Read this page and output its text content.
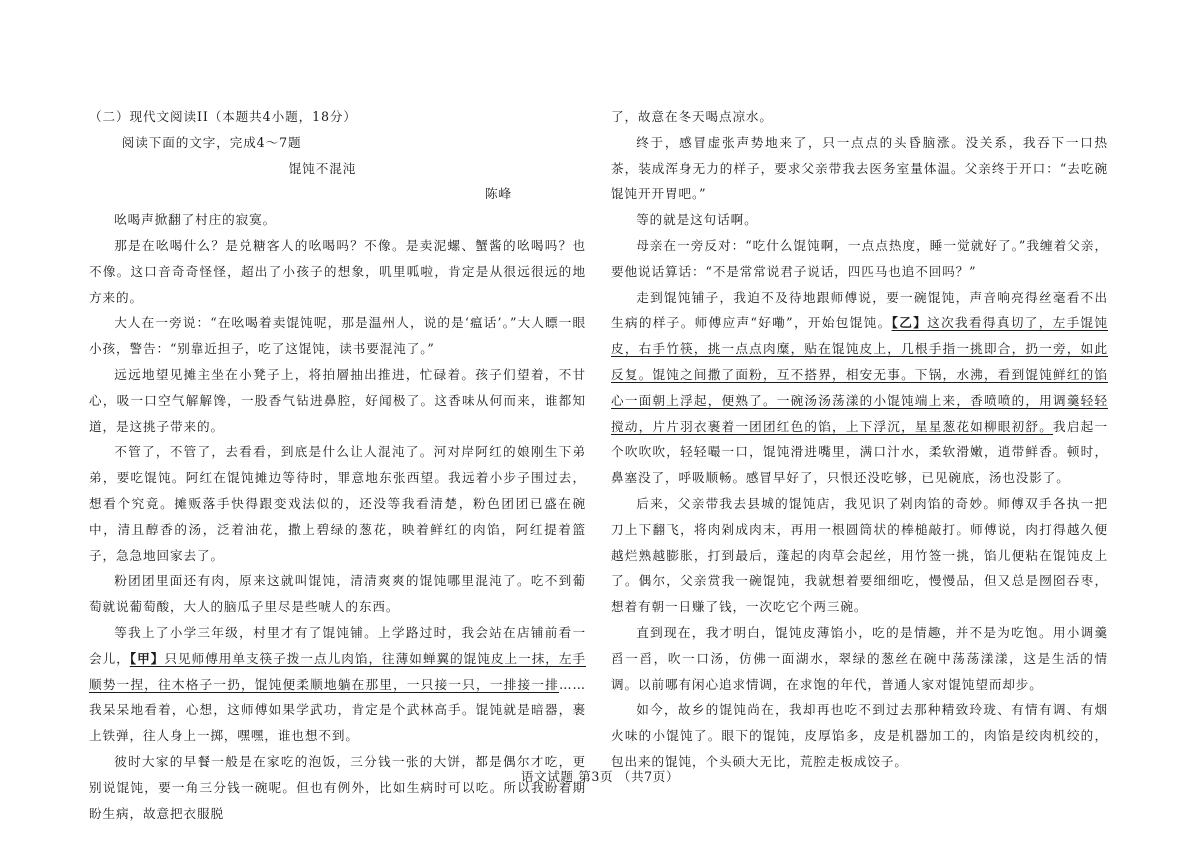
（二）现代文阅读II（本题共4小题，18分）

阅读下面的文字，完成4～7题

馄饨不混沌

陈峰

吆喝声掀翻了村庄的寂寞。

那是在吆喝什么？是兑糖客人的吆喝吗？不像。是卖泥螺、蟹酱的吆喝吗？也不像。这口音奇奇怪怪，超出了小孩子的想象，叽里呱啦，肯定是从很远很远的地方来的。

大人在一旁说：“在吆喝着卖馄饨呢，那是温州人，说的是‘瘟话’。”大人瞟一眼小孩，警告：“别靠近担子，吃了这馄饨，读书要混沌了。”

远远地望见摊主坐在小凳子上，将拍層抽出推进，忙碌着。孩子们望着，不甘心，吸一口空气解解馋，一股香气钻进鼻腔，好闻极了。这香味从何而来，谁都知道，是这挑子带来的。

不管了，不管了，去看看，到底是什么让人混沌了。河对岸阿红的娘刚生下弟弟，要吃馄饨。阿红在馄饨摊边等待时，罪意地东张西望。我远着小步子围过去，想看个究竟。摊贩落手快得跟变戏法似的，还没等我看清楚，粉色团团已盛在碗中，清且醇香的汤，泛着油花，撒上碧绿的葱花，映着鲜红的肉馅，阿红提着篮子，急急地回家去了。

粉团团里面还有肉，原来这就叫馄饨，清清爽爽的馄饨哪里混沌了。吃不到葡萄就说葡萄酸，大人的脑瓜子里尽是些唬人的东西。

等我上了小学三年级，村里才有了馄饨铺。上学路过时，我会站在店铺前看一会儿，【甲】只见师傅用单支筷子拨一点儿肉馅，往薄如蝉翼的馄饨皮上一抹，左手顺势一捏，往木格子一扔，馄饨便柔顺地躺在那里，一只接一只，一排接一排……我呆呆地看着，心想，这师傅如果学武功，肯定是个武林高手。馄饨就是暗器，裹上铁弹，往人身上一掷，嘿嘿，谁也想不到。

彼时大家的早餐一般是在家吃的泡饭，三分钱一张的大饼，都是偶尔才吃，更别说馄饨，要一角三分钱一碗呢。但也有例外，比如生病时可以吃。所以我盼着期盼生病，故意把衣服脱

了，故意在冬天喝点凉水。

终于，感冒虚张声势地来了，只一点点的头昏脑涨。没关系，我吞下一口热茶，装成浑身无力的样子，要求父亲带我去医务室量体温。父亲终于开口：“去吃碗馄饨开开胃吧。”

等的就是这句话啊。

母亲在一旁反对：“吃什么馄饨啊，一点点热度，睡一觉就好了。”我缠着父亲，要他说话算话：“不是常常说君子说话，四匹马也追不回吗？”

走到馄饨铺子，我迫不及待地跟师傅说，要一碗馄饨，声音响亮得丝毫看不出生病的样子。师傅应声“好嘞”，开始包馄饨。【乙】这次我看得真切了，左手馄饨皮，右手竹筷，挑一点点肉糜，贴在馄饨皮上，几根手指一挑即合，扔一旁，如此反复。馄饨之间撒了面粉，互不搭界，相安无事。下锅，水沸，看到馄饨鲜红的馅心一面朝上浮起，便熟了。一碗汤汤荡漾的小馄饨端上来，香喷喷的，用调羹轻轻搅动，片片羽衣裹着一团团红色的馅，上下浮沉，星星葱花如柳眼初舒。我启起一个吹吹吹，轻轻嘬一口，馄饨滑进嘴里，满口汁水，柔软滑嫩，逍带鲜香。顿时，鼻塞没了，呼吸顺畅。感冒早好了，只恨还没吃够，已见碗底，汤也没影了。

后来，父亲带我去县城的馄饨店，我见识了剁肉馅的奇妙。师傅双手各执一把刀上下翻飞，将肉剁成肉末，再用一根圆筒状的棒槌敲打。师傅说，肉打得越久便越烂熟越膨胀，打到最后，蓬起的肉草会起丝，用竹签一挑，馅儿便粘在馄饨皮上了。偶尔，父亲赏我一碗馄饨，我就想着要细细吃，慢慢品，但又总是囫囵吞枣，想着有朝一日赚了钱，一次吃它个两三碗。

直到现在，我才明白，馄饨皮薄馅小，吃的是情趣，并不是为吃饱。用小调羹舀一舀，吹一口汤，仿佛一面湖水，翠绿的葱丝在碗中荡荡漾漾，这是生活的情调。以前哪有闲心追求情调，在求饱的年代，普通人家对馄饨望而却步。

如今，故乡的馄饨尚在，我却再也吃不到过去那种精致玲珑、有情有调、有烟火味的小馄饨了。眼下的馄饨，皮厚馅多，皮是机器加工的，肉馅是绞肉机绞的，包出来的馄饨，个头硕大无比，荒腔走板成饺子。

语文试题 第3页 （共7页）
